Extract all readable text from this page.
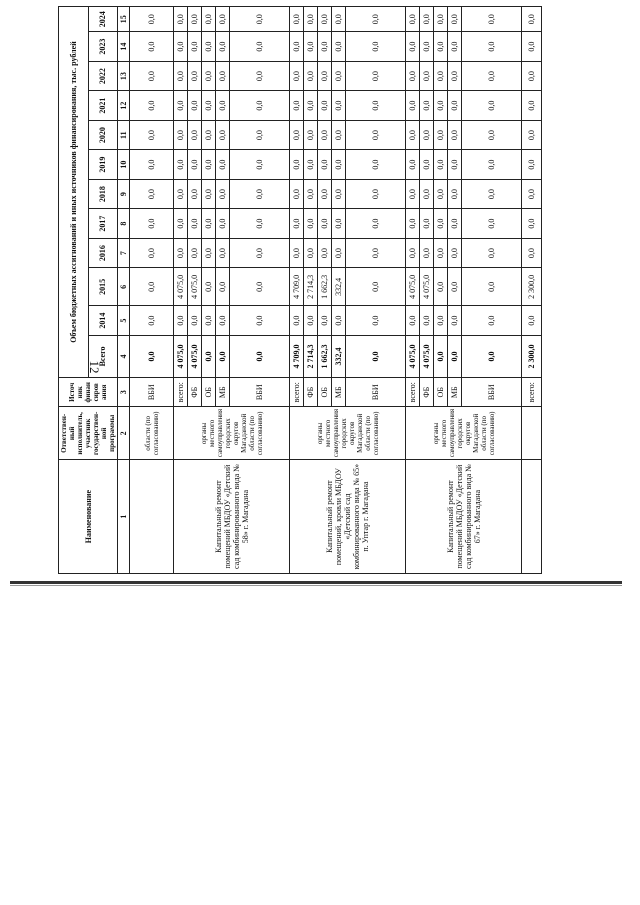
12
Наименование	Ответствен-ный исполнитель, участник государствен-ной программы	Источ ник финан сиров ания	Объем бюджетных ассигнований и иных источников финансирования, тыс. рублей											
			Всего	2014	2015	2016	2017	2018	2019	2020	2021	2022	2023	2024
1	2	3	4	5	6	7	8	9	10	11	12	13	14	15
	области (по согласованию)	ВБИ	0,0	0,0	0,0	0,0	0,0	0,0	0,0	0,0	0,0	0,0	0,0	0,0
Капитальный ремонт помещений МБДОУ «Детский сад комбинированного вида № 58» г. Магадана	органы местного самоуправления городских округов Магаданской области (по согласованию)	всего:	4 075,0	0,0	4 075,0	0,0	0,0	0,0	0,0	0,0	0,0	0,0	0,0	0,0
		ФБ	4 075,0	0,0	4 075,0	0,0	0,0	0,0	0,0	0,0	0,0	0,0	0,0	0,0
		ОБ	0,0	0,0	0,0	0,0	0,0	0,0	0,0	0,0	0,0	0,0	0,0	0,0
		МБ	0,0	0,0	0,0	0,0	0,0	0,0	0,0	0,0	0,0	0,0	0,0	0,0
		ВБИ	0,0	0,0	0,0	0,0	0,0	0,0	0,0	0,0	0,0	0,0	0,0	0,0
Капитальный ремонт помещений, кровли МБДОУ «Детский сад комбинированного вида № 65» п. Уптар г. Магадана	органы местного самоуправления городских округов Магаданской области (по согласованию)	всего:	4 709,0	0,0	4 709,0	0,0	0,0	0,0	0,0	0,0	0,0	0,0	0,0	0,0
		ФБ	2 714,3	0,0	2 714,3	0,0	0,0	0,0	0,0	0,0	0,0	0,0	0,0	0,0
		ОБ	1 662,3	0,0	1 662,3	0,0	0,0	0,0	0,0	0,0	0,0	0,0	0,0	0,0
		МБ	332,4	0,0	332,4	0,0	0,0	0,0	0,0	0,0	0,0	0,0	0,0	0,0
		ВБИ	0,0	0,0	0,0	0,0	0,0	0,0	0,0	0,0	0,0	0,0	0,0	0,0
Капитальный ремонт помещений МБДОУ «Детский сад комбинированного вида № 67» г. Магадана	органы местного самоуправления городских округов Магаданской области (по согласованию)	всего:	4 075,0	0,0	4 075,0	0,0	0,0	0,0	0,0	0,0	0,0	0,0	0,0	0,0
		ФБ	4 075,0	0,0	4 075,0	0,0	0,0	0,0	0,0	0,0	0,0	0,0	0,0	0,0
		ОБ	0,0	0,0	0,0	0,0	0,0	0,0	0,0	0,0	0,0	0,0	0,0	0,0
		МБ	0,0	0,0	0,0	0,0	0,0	0,0	0,0	0,0	0,0	0,0	0,0	0,0
		ВБИ	0,0	0,0	0,0	0,0	0,0	0,0	0,0	0,0	0,0	0,0	0,0	0,0
		всего:	2 300,0	0,0	2 300,0	0,0	0,0	0,0	0,0	0,0	0,0	0,0	0,0	0,0
